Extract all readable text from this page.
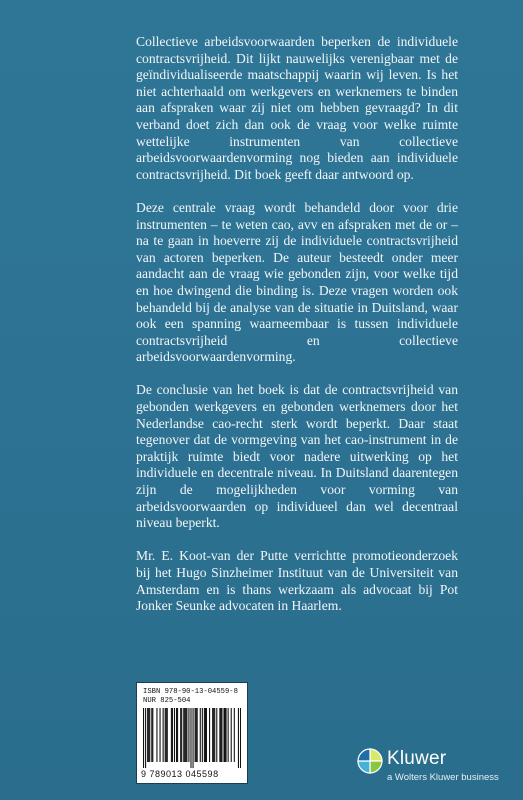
Collectieve arbeidsvoorwaarden beperken de individuele contractsvrijheid. Dit lijkt nauwelijks verenigbaar met de geïndividualiseerde maatschappij waarin wij leven. Is het niet achterhaald om werkgevers en werknemers te binden aan afspraken waar zij niet om hebben gevraagd? In dit verband doet zich dan ook de vraag voor welke ruimte wettelijke instrumenten van collectieve arbeidsvoorwaardenvorming nog bieden aan individuele contractsvrijheid. Dit boek geeft daar antwoord op.

Deze centrale vraag wordt behandeld door voor drie instrumenten – te weten cao, avv en afspraken met de or – na te gaan in hoeverre zij de individuele contractsvrijheid van actoren beperken. De auteur besteedt onder meer aandacht aan de vraag wie gebonden zijn, voor welke tijd en hoe dwingend die binding is. Deze vragen worden ook behandeld bij de analyse van de situatie in Duitsland, waar ook een spanning waarneembaar is tussen individuele contractsvrijheid en collectieve arbeidsvoorwaardenvorming.

De conclusie van het boek is dat de contractsvrijheid van gebonden werkgevers en gebonden werknemers door het Nederlandse cao-recht sterk wordt beperkt. Daar staat tegenover dat de vormgeving van het cao-instrument in de praktijk ruimte biedt voor nadere uitwerking op het individuele en decentrale niveau. In Duitsland daarentegen zijn de mogelijkheden voor vorming van arbeidsvoorwaarden op individueel dan wel decentraal niveau beperkt.

Mr. E. Koot-van der Putte verrichtte promotieonderzoek bij het Hugo Sinzheimer Instituut van de Universiteit van Amsterdam en is thans werkzaam als advocaat bij Pot Jonker Seunke advocaten in Haarlem.

ISBN 978-90-13-04559-8
NUR 825-504
9 789013 045598
Kluwer
a Wolters Kluwer business
